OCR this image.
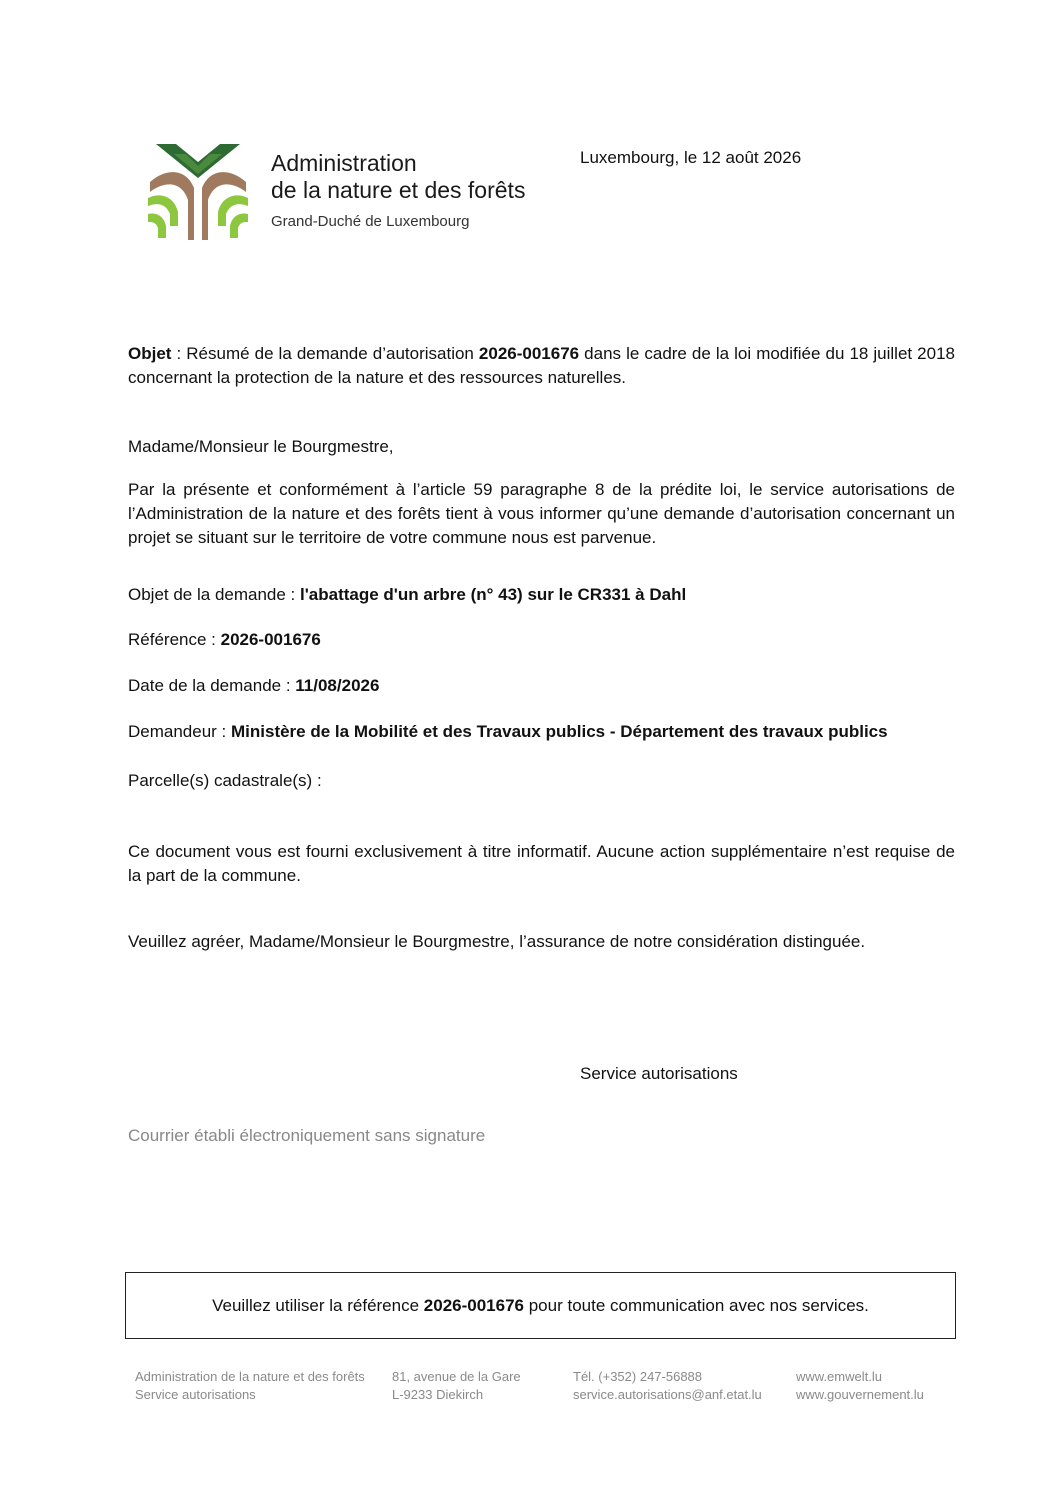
Administration
de la nature et des forêts
Grand-Duché de Luxembourg
Luxembourg, le 12 août 2026
Objet : Résumé de la demande d’autorisation 2026-001676 dans le cadre de la loi modifiée du 18 juillet 2018 concernant la protection de la nature et des ressources naturelles.
Madame/Monsieur le Bourgmestre,
Par la présente et conformément à l’article 59 paragraphe 8 de la prédite loi, le service autorisations de l’Administration de la nature et des forêts tient à vous informer qu’une demande d’autorisation concernant un projet se situant sur le territoire de votre commune nous est parvenue.
Objet de la demande : l'abattage d'un arbre (n° 43) sur le CR331 à Dahl
Référence : 2026-001676
Date de la demande : 11/08/2026
Demandeur : Ministère de la Mobilité et des Travaux publics - Département des travaux publics
Parcelle(s) cadastrale(s) :
Ce document vous est fourni exclusivement à titre informatif. Aucune action supplémentaire n’est requise de la part de la commune.
Veuillez agréer, Madame/Monsieur le Bourgmestre, l’assurance de notre considération distinguée.
Service autorisations
Courrier établi électroniquement sans signature
Veuillez utiliser la référence 2026-001676 pour toute communication avec nos services.
Administration de la nature et des forêts
Service autorisations
81, avenue de la Gare
L-9233 Diekirch
Tél. (+352) 247-56888
service.autorisations@anf.etat.lu
www.emwelt.lu
www.gouvernement.lu
